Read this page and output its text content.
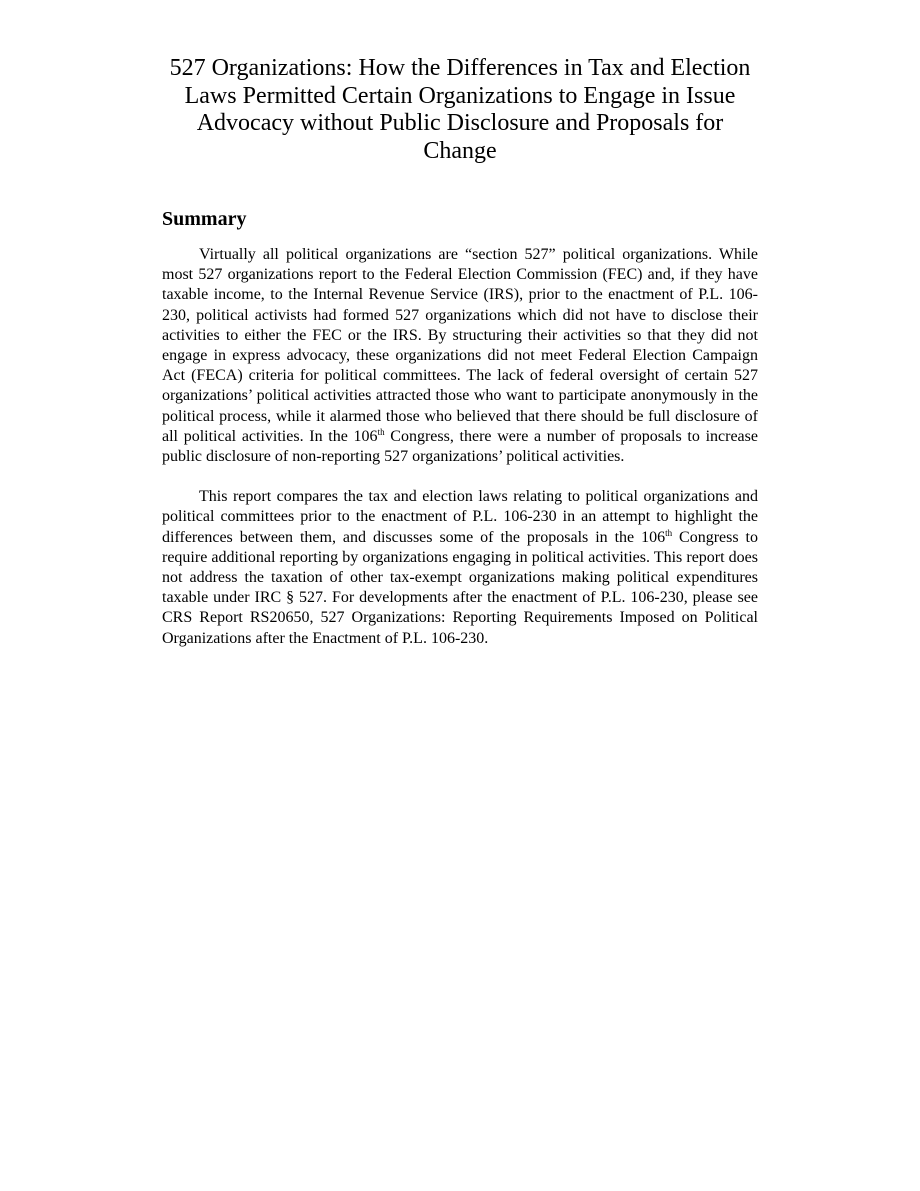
527 Organizations: How the Differences in Tax and Election Laws Permitted Certain Organizations to Engage in Issue Advocacy without Public Disclosure and Proposals for Change
Summary

Virtually all political organizations are “section 527” political organizations. While most 527 organizations report to the Federal Election Commission (FEC) and, if they have taxable income, to the Internal Revenue Service (IRS), prior to the enactment of P.L. 106-230, political activists had formed 527 organizations which did not have to disclose their activities to either the FEC or the IRS. By structuring their activities so that they did not engage in express advocacy, these organizations did not meet Federal Election Campaign Act (FECA) criteria for political committees. The lack of federal oversight of certain 527 organizations’ political activities attracted those who want to participate anonymously in the political process, while it alarmed those who believed that there should be full disclosure of all political activities. In the 106th Congress, there were a number of proposals to increase public disclosure of non-reporting 527 organizations’ political activities.

This report compares the tax and election laws relating to political organizations and political committees prior to the enactment of P.L. 106-230 in an attempt to highlight the differences between them, and discusses some of the proposals in the 106th Congress to require additional reporting by organizations engaging in political activities. This report does not address the taxation of other tax-exempt organizations making political expenditures taxable under IRC § 527. For developments after the enactment of P.L. 106-230, please see CRS Report RS20650, 527 Organizations: Reporting Requirements Imposed on Political Organizations after the Enactment of P.L. 106-230.
